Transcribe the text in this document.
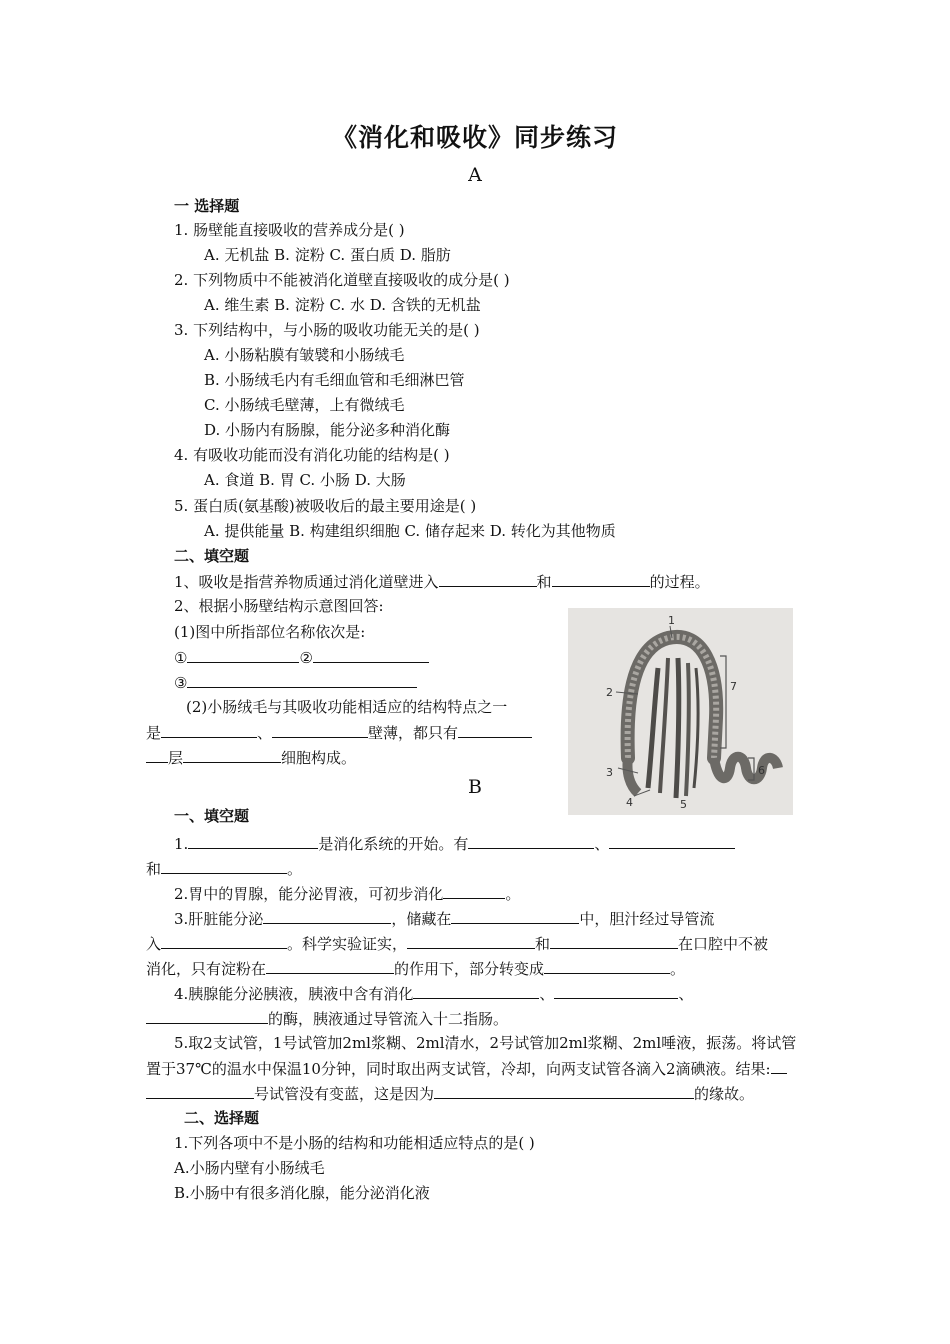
《消化和吸收》同步练习
A
一 选择题
1. 肠壁能直接吸收的营养成分是( )
A. 无机盐 B. 淀粉 C. 蛋白质 D. 脂肪
2. 下列物质中不能被消化道壁直接吸收的成分是( )
A. 维生素 B. 淀粉 C. 水 D. 含铁的无机盐
3. 下列结构中，与小肠的吸收功能无关的是( )
A. 小肠粘膜有皱襞和小肠绒毛
B. 小肠绒毛内有毛细血管和毛细淋巴管
C. 小肠绒毛壁薄，上有微绒毛
D. 小肠内有肠腺，能分泌多种消化酶
4. 有吸收功能而没有消化功能的结构是( )
A. 食道 B. 胃 C. 小肠 D. 大肠
5. 蛋白质(氨基酸)被吸收后的最主要用途是( )
A. 提供能量 B. 构建组织细胞 C. 储存起来 D. 转化为其他物质
二、填空题
1、吸收是指营养物质通过消化道壁进入	和	的过程。
2、根据小肠壁结构示意图回答:
(1)图中所指部位名称依次是:
①	②
③
(2)小肠绒毛与其吸收功能相适应的结构特点之一
是	、	壁薄，都只有
层	细胞构成。
1
2
3
4	5
6
7
B
一、填空题
1.	是消化系统的开始。有	、
和	。
2.胃中的胃腺，能分泌胃液，可初步消化	。
3.肝脏能分泌	，储藏在	中，胆汁经过导管流
入	。科学实验证实，	和	在口腔中不被
消化，只有淀粉在	的作用下，部分转变成	。
4.胰腺能分泌胰液，胰液中含有消化	、	、
的酶，胰液通过导管流入十二指肠。
5.取2支试管，1号试管加2ml浆糊、2ml清水，2号试管加2ml浆糊、2ml唾液，振荡。将试管
置于37℃的温水中保温10分钟，同时取出两支试管，冷却，向两支试管各滴入2滴碘液。结果:
号试管没有变蓝，这是因为	的缘故。
二、选择题
1.下列各项中不是小肠的结构和功能相适应特点的是( )
A.小肠内壁有小肠绒毛
B.小肠中有很多消化腺，能分泌消化液
